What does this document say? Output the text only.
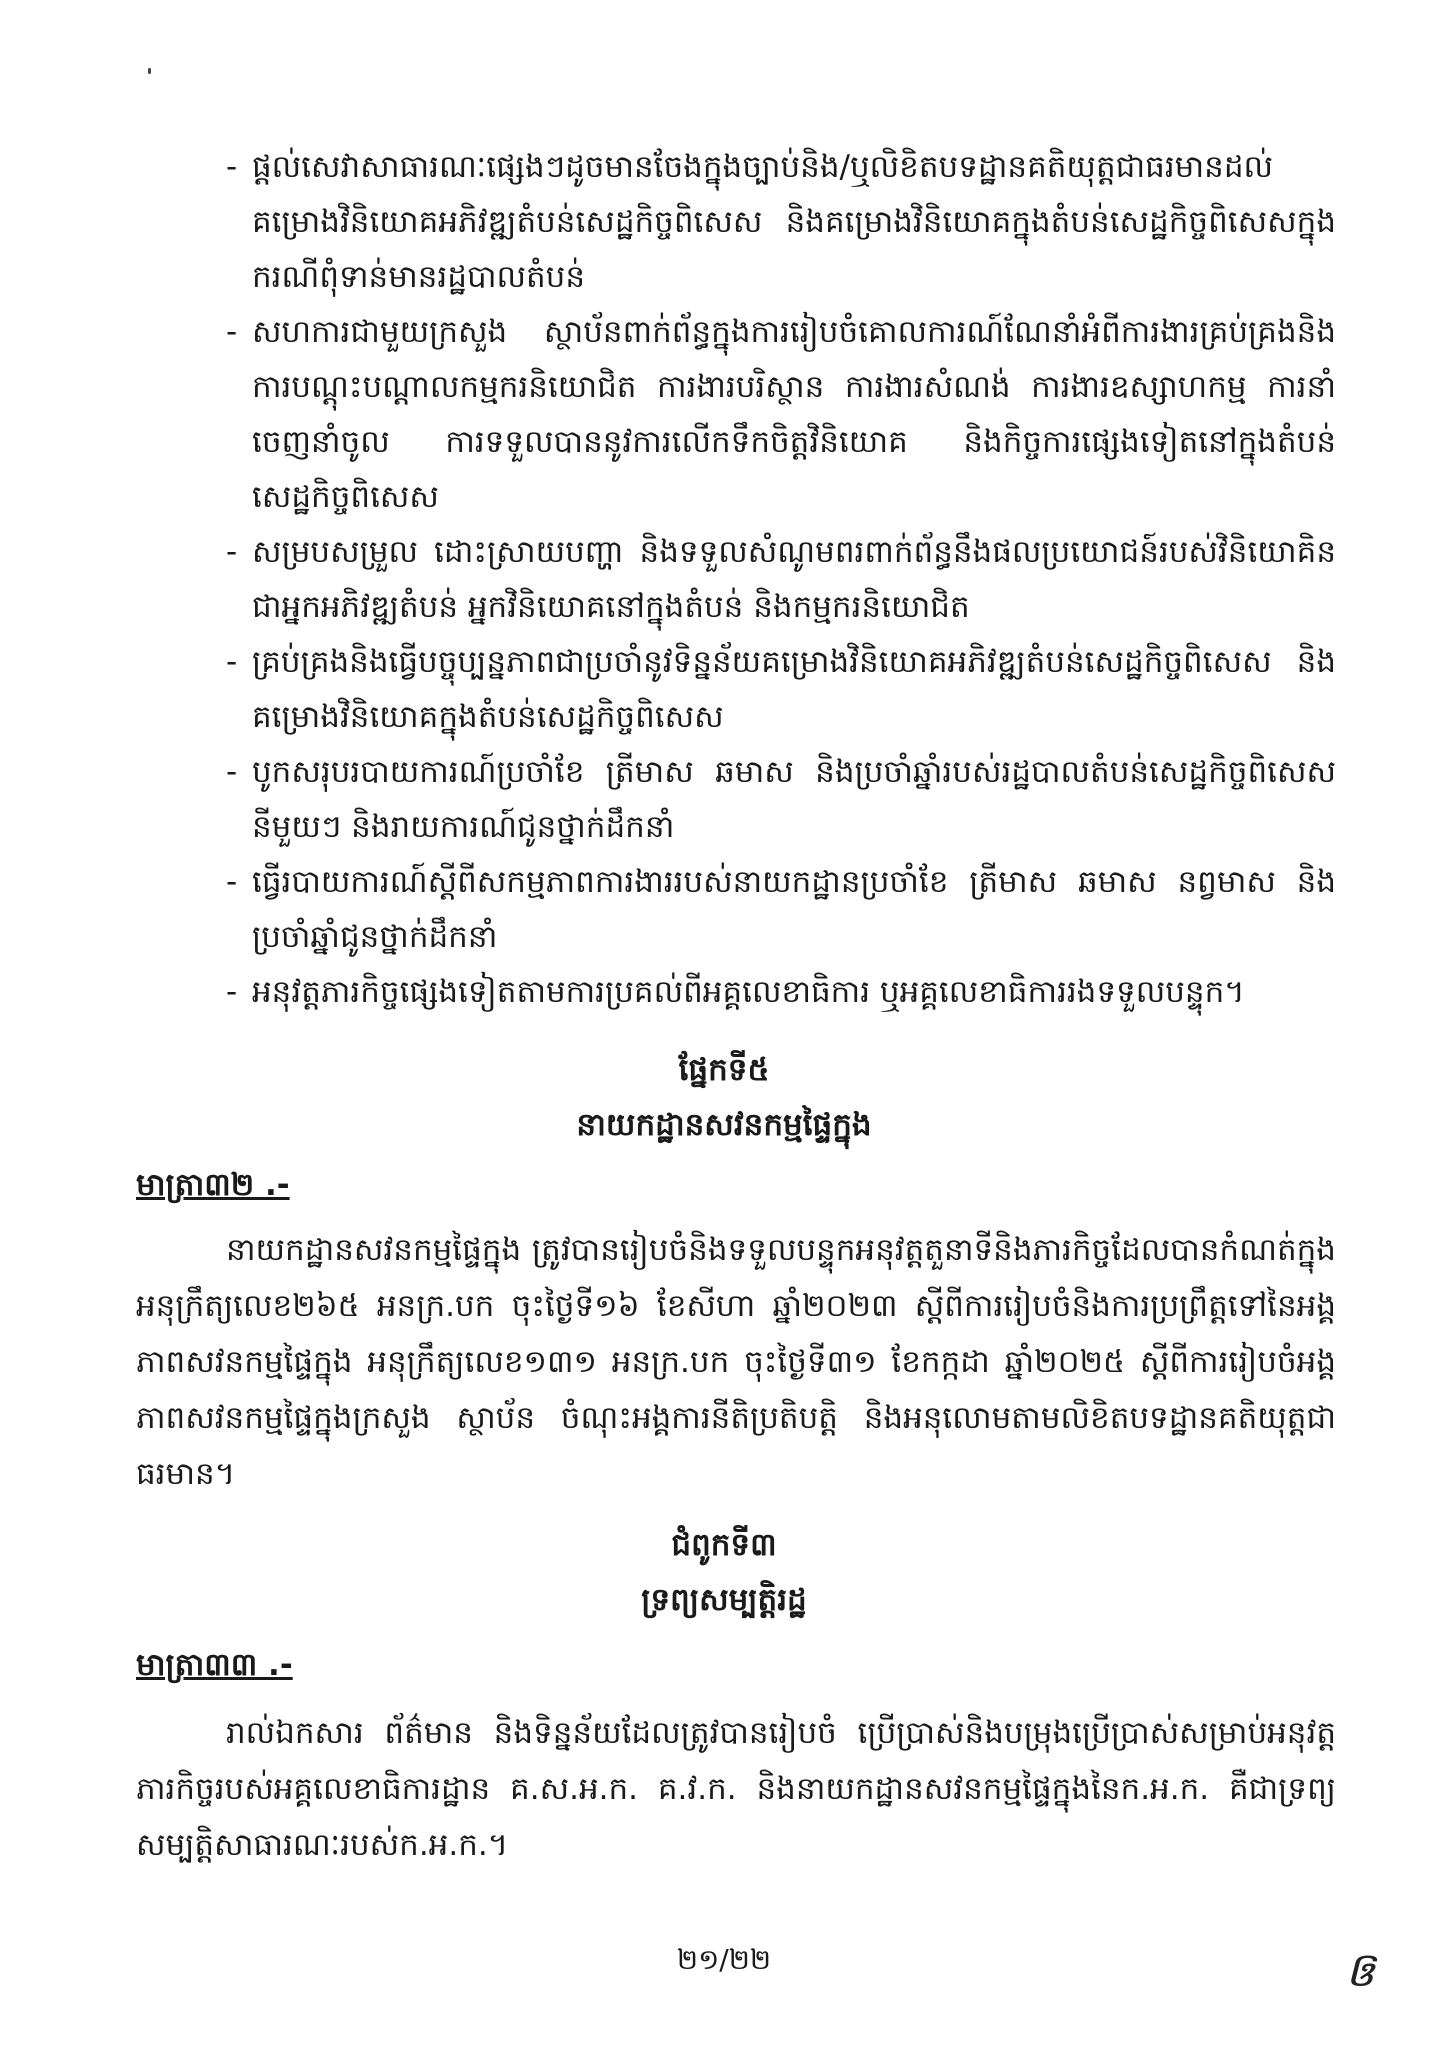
- ផ្តល់សេវាសាធារណៈផ្សេងៗដូចមានចែងក្នុងច្បាប់និង/ឬលិខិតបទដ្ឋានគតិយុត្តជាធរមានដល់គម្រោងវិនិយោគអភិវឌ្ឍតំបន់សេដ្ឋកិច្ចពិសេស និងគម្រោងវិនិយោគក្នុងតំបន់សេដ្ឋកិច្ចពិសេសក្នុងករណីពុំទាន់មានរដ្ឋបាលតំបន់
- សហការជាមួយក្រសួង ស្ថាប័នពាក់ព័ន្ធក្នុងការរៀបចំគោលការណ៍ណែនាំអំពីការងារគ្រប់គ្រងនិងការបណ្តុះបណ្តាលកម្មករនិយោជិត ការងារបរិស្ថាន ការងារសំណង់ ការងារឧស្សាហកម្ម ការនាំចេញនាំចូល ការទទួលបាននូវការលើកទឹកចិត្តវិនិយោគ និងកិច្ចការផ្សេងទៀតនៅក្នុងតំបន់សេដ្ឋកិច្ចពិសេស
- សម្របសម្រួល ដោះស្រាយបញ្ហា និងទទួលសំណូមពរពាក់ព័ន្ធនឹងផលប្រយោជន៍របស់វិនិយោគិនជាអ្នកអភិវឌ្ឍតំបន់ អ្នកវិនិយោគនៅក្នុងតំបន់ និងកម្មករនិយោជិត
- គ្រប់គ្រងនិងធ្វើបច្ចុប្បន្នភាពជាប្រចាំនូវទិន្នន័យគម្រោងវិនិយោគអភិវឌ្ឍតំបន់សេដ្ឋកិច្ចពិសេស និងគម្រោងវិនិយោគក្នុងតំបន់សេដ្ឋកិច្ចពិសេស
- បូកសរុបរបាយការណ៍ប្រចាំខែ ត្រីមាស ឆមាស និងប្រចាំឆ្នាំរបស់រដ្ឋបាលតំបន់សេដ្ឋកិច្ចពិសេសនីមួយៗ និងរាយការណ៍ជូនថ្នាក់ដឹកនាំ
- ធ្វើរបាយការណ៍ស្តីពីសកម្មភាពការងាររបស់នាយកដ្ឋានប្រចាំខែ ត្រីមាស ឆមាស នព្វមាស និងប្រចាំឆ្នាំជូនថ្នាក់ដឹកនាំ
- អនុវត្តភារកិច្ចផ្សេងទៀតតាមការប្រគល់ពីអគ្គលេខាធិការ ឬអគ្គលេខាធិការរងទទួលបន្ទុក។
ផ្នែកទី៥
នាយកដ្ឋានសវនកម្មផ្ទៃក្នុង
មាត្រា៣២ .-
នាយកដ្ឋានសវនកម្មផ្ទៃក្នុង ត្រូវបានរៀបចំនិងទទួលបន្ទុកអនុវត្តតួនាទីនិងភារកិច្ចដែលបានកំណត់ក្នុងអនុក្រឹត្យលេខ២៦៥ អនក្រ.បក ចុះថ្ងៃទី១៦ ខែសីហា ឆ្នាំ២០២៣ ស្តីពីការរៀបចំនិងការប្រព្រឹត្តទៅនៃអង្គភាពសវនកម្មផ្ទៃក្នុង អនុក្រឹត្យលេខ១៣១ អនក្រ.បក ចុះថ្ងៃទី៣១ ខែកក្កដា ឆ្នាំ២០២៥ ស្តីពីការរៀបចំអង្គភាពសវនកម្មផ្ទៃក្នុងក្រសួង ស្ថាប័ន ចំណុះអង្គការនីតិប្រតិបត្តិ និងអនុលោមតាមលិខិតបទដ្ឋានគតិយុត្តជាធរមាន។
ជំពូកទី៣
ទ្រព្យសម្បត្តិរដ្ឋ
មាត្រា៣៣ .-
រាល់ឯកសារ ព័ត៌មាន និងទិន្នន័យដែលត្រូវបានរៀបចំ ប្រើប្រាស់និងបម្រុងប្រើប្រាស់សម្រាប់អនុវត្តភារកិច្ចរបស់អគ្គលេខាធិការដ្ឋាន គ.ស.អ.ក. គ.វ.ក. និងនាយកដ្ឋានសវនកម្មផ្ទៃក្នុងនៃក.អ.ក. គឺជាទ្រព្យសម្បត្តិសាធារណៈរបស់ក.អ.ក.។
២១/២២	ឲ
